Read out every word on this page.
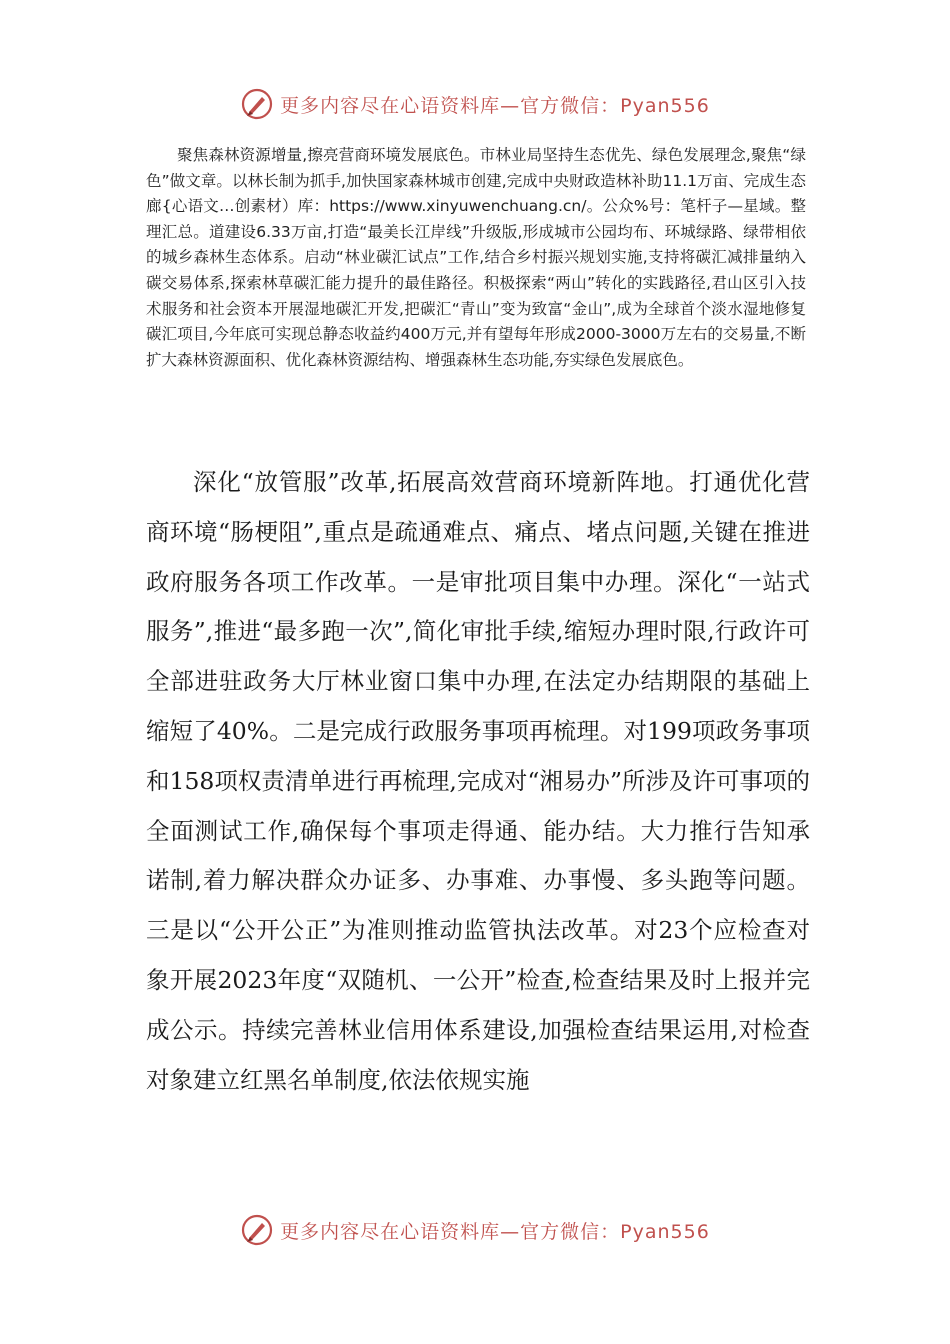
更多内容尽在心语资料库—官方微信：Pyan556

聚焦森林资源增量,擦亮营商环境发展底色。市林业局坚持生态优先、绿色发展理念,聚焦“绿色”做文章。以林长制为抓手,加快国家森林城市创建,完成中央财政造林补助11.1万亩、完成生态廊{心语文…创素材）库：https://www.xinyuwenchuang.cn/。公众%号：笔杆子—星域。整理汇总。道建设6.33万亩,打造“最美长江岸线”升级版,形成城市公园均布、环城绿路、绿带相依的城乡森林生态体系。启动“林业碳汇试点”工作,结合乡村振兴规划实施,支持将碳汇减排量纳入碳交易体系,探索林草碳汇能力提升的最佳路径。积极探索“两山”转化的实践路径,君山区引入技术服务和社会资本开展湿地碳汇开发,把碳汇“青山”变为致富“金山”,成为全球首个淡水湿地修复碳汇项目,今年底可实现总静态收益约400万元,并有望每年形成2000-3000万左右的交易量,不断扩大森林资源面积、优化森林资源结构、增强森林生态功能,夯实绿色发展底色。

深化“放管服”改革,拓展高效营商环境新阵地。打通优化营商环境“肠梗阻”,重点是疏通难点、痛点、堵点问题,关键在推进政府服务各项工作改革。一是审批项目集中办理。深化“一站式服务”,推进“最多跑一次”,简化审批手续,缩短办理时限,行政许可全部进驻政务大厅林业窗口集中办理,在法定办结期限的基础上缩短了40%。二是完成行政服务事项再梳理。对199项政务事项和158项权责清单进行再梳理,完成对“湘易办”所涉及许可事项的全面测试工作,确保每个事项走得通、能办结。大力推行告知承诺制,着力解决群众办证多、办事难、办事慢、多头跑等问题。三是以“公开公正”为准则推动监管执法改革。对23个应检查对象开展2023年度“双随机、一公开”检查,检查结果及时上报并完成公示。持续完善林业信用体系建设,加强检查结果运用,对检查对象建立红黑名单制度,依法依规实施

更多内容尽在心语资料库—官方微信：Pyan556
